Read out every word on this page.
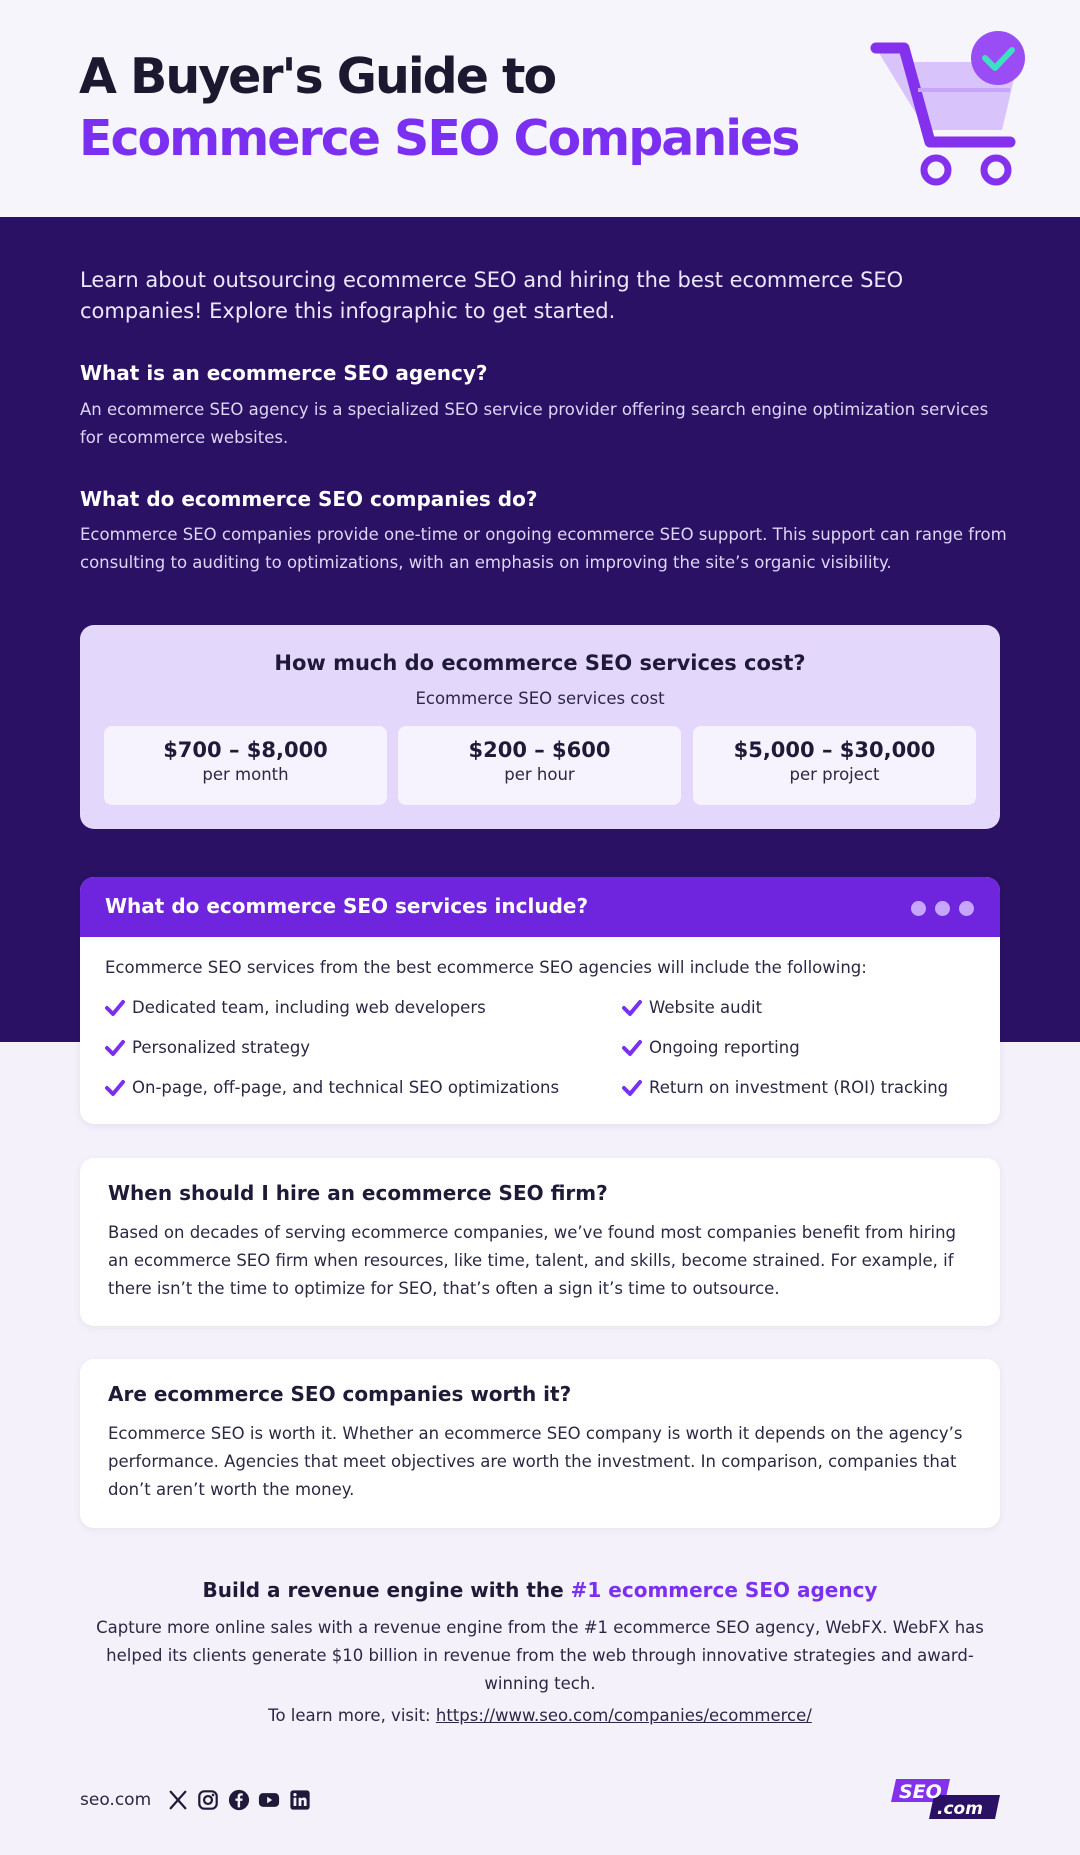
A Buyer's Guide to
Ecommerce SEO Companies
Learn about outsourcing ecommerce SEO and hiring the best ecommerce SEO companies! Explore this infographic to get started.
What is an ecommerce SEO agency?
An ecommerce SEO agency is a specialized SEO service provider offering search engine optimization services for ecommerce websites.
What do ecommerce SEO companies do?
Ecommerce SEO companies provide one-time or ongoing ecommerce SEO support. This support can range from consulting to auditing to optimizations, with an emphasis on improving the site’s organic visibility.
How much do ecommerce SEO services cost?
Ecommerce SEO services cost
$700 – $8,000
per month
$200 – $600
per hour
$5,000 – $30,000
per project
What do ecommerce SEO services include?
Ecommerce SEO services from the best ecommerce SEO agencies will include the following:
Dedicated team, including web developers
Personalized strategy
On-page, off-page, and technical SEO optimizations
Website audit
Ongoing reporting
Return on investment (ROI) tracking
When should I hire an ecommerce SEO firm?
Based on decades of serving ecommerce companies, we’ve found most companies benefit from hiring an ecommerce SEO firm when resources, like time, talent, and skills, become strained. For example, if there isn’t the time to optimize for SEO, that’s often a sign it’s time to outsource.
Are ecommerce SEO companies worth it?
Ecommerce SEO is worth it. Whether an ecommerce SEO company is worth it depends on the agency’s performance. Agencies that meet objectives are worth the investment. In comparison, companies that don’t aren’t worth the money.
Build a revenue engine with the #1 ecommerce SEO agency
Capture more online sales with a revenue engine from the #1 ecommerce SEO agency, WebFX. WebFX has helped its clients generate $10 billion in revenue from the web through innovative strategies and award-winning tech.
To learn more, visit: https://www.seo.com/companies/ecommerce/
seo.com	SEO
.com
